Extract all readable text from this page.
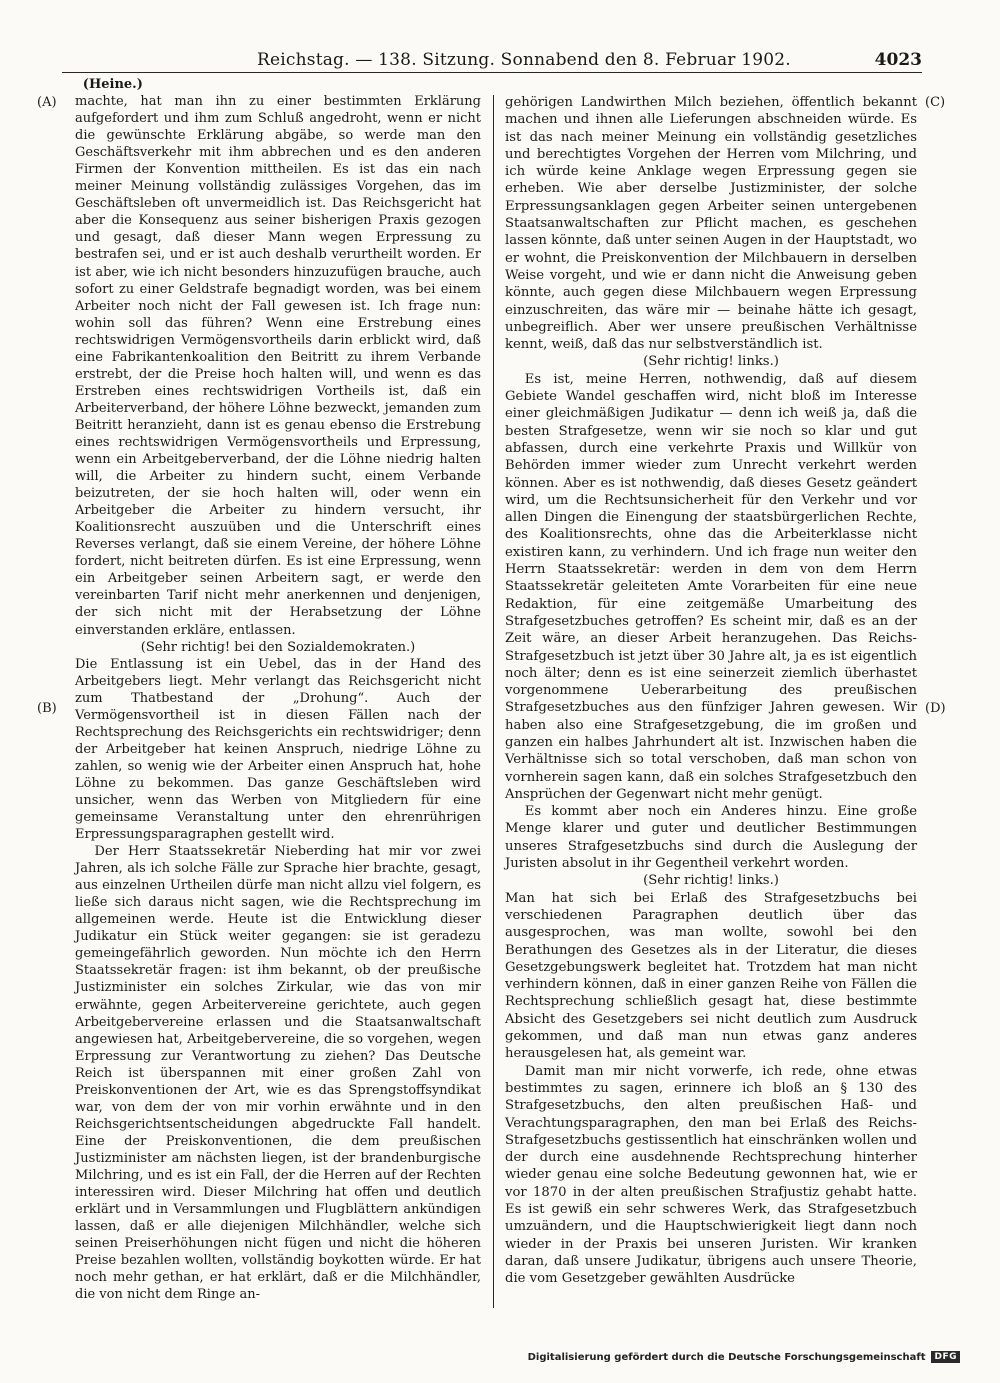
Reichstag. — 138. Sitzung. Sonnabend den 8. Februar 1902.	4023
(A)
(B)
(C)
(D)

(Heine.)

machte, hat man ihn zu einer bestimmten Erklärung aufgefordert und ihm zum Schluß angedroht, wenn er nicht die gewünschte Erklärung abgäbe, so werde man den Geschäftsverkehr mit ihm abbrechen und es den anderen Firmen der Konvention mittheilen. Es ist das ein nach meiner Meinung vollständig zulässiges Vorgehen, das im Geschäftsleben oft unvermeidlich ist. Das Reichsgericht hat aber die Konsequenz aus seiner bisherigen Praxis gezogen und gesagt, daß dieser Mann wegen Erpressung zu bestrafen sei, und er ist auch deshalb verurtheilt worden. Er ist aber, wie ich nicht besonders hinzuzufügen brauche, auch sofort zu einer Geldstrafe begnadigt worden, was bei einem Arbeiter noch nicht der Fall gewesen ist. Ich frage nun: wohin soll das führen? Wenn eine Erstrebung eines rechtswidrigen Vermögensvortheils darin erblickt wird, daß eine Fabrikantenkoalition den Beitritt zu ihrem Verbande erstrebt, der die Preise hoch halten will, und wenn es das Erstreben eines rechtswidrigen Vortheils ist, daß ein Arbeiterverband, der höhere Löhne bezweckt, jemanden zum Beitritt heranzieht, dann ist es genau ebenso die Erstrebung eines rechtswidrigen Vermögensvortheils und Erpressung, wenn ein Arbeitgeberverband, der die Löhne niedrig halten will, die Arbeiter zu hindern sucht, einem Verbande beizutreten, der sie hoch halten will, oder wenn ein Arbeitgeber die Arbeiter zu hindern versucht, ihr Koalitionsrecht auszuüben und die Unterschrift eines Reverses verlangt, daß sie einem Vereine, der höhere Löhne fordert, nicht beitreten dürfen. Es ist eine Erpressung, wenn ein Arbeitgeber seinen Arbeitern sagt, er werde den vereinbarten Tarif nicht mehr anerkennen und denjenigen, der sich nicht mit der Herabsetzung der Löhne einverstanden erkläre, entlassen.

(Sehr richtig! bei den Sozialdemokraten.)

Die Entlassung ist ein Uebel, das in der Hand des Arbeitgebers liegt. Mehr verlangt das Reichsgericht nicht zum Thatbestand der „Drohung“. Auch der Vermögensvortheil ist in diesen Fällen nach der Rechtsprechung des Reichsgerichts ein rechtswidriger; denn der Arbeitgeber hat keinen Anspruch, niedrige Löhne zu zahlen, so wenig wie der Arbeiter einen Anspruch hat, hohe Löhne zu bekommen. Das ganze Geschäftsleben wird unsicher, wenn das Werben von Mitgliedern für eine gemeinsame Veranstaltung unter den ehrenrührigen Erpressungsparagraphen gestellt wird.

Der Herr Staatssekretär Nieberding hat mir vor zwei Jahren, als ich solche Fälle zur Sprache hier brachte, gesagt, aus einzelnen Urtheilen dürfe man nicht allzu viel folgern, es ließe sich daraus nicht sagen, wie die Rechtsprechung im allgemeinen werde. Heute ist die Entwicklung dieser Judikatur ein Stück weiter gegangen: sie ist geradezu gemeingefährlich geworden. Nun möchte ich den Herrn Staatssekretär fragen: ist ihm bekannt, ob der preußische Justizminister ein solches Zirkular, wie das von mir erwähnte, gegen Arbeitervereine gerichtete, auch gegen Arbeitgebervereine erlassen und die Staatsanwaltschaft angewiesen hat, Arbeitgebervereine, die so vorgehen, wegen Erpressung zur Verantwortung zu ziehen? Das Deutsche Reich ist überspannen mit einer großen Zahl von Preiskonventionen der Art, wie es das Sprengstoffsyndikat war, von dem der von mir vorhin erwähnte und in den Reichsgerichtsentscheidungen abgedruckte Fall handelt. Eine der Preiskonventionen, die dem preußischen Justizminister am nächsten liegen, ist der brandenburgische Milchring, und es ist ein Fall, der die Herren auf der Rechten interessiren wird. Dieser Milchring hat offen und deutlich erklärt und in Versammlungen und Flugblättern ankündigen lassen, daß er alle diejenigen Milchhändler, welche sich seinen Preiserhöhungen nicht fügen und nicht die höheren Preise bezahlen wollten, vollständig boykotten würde. Er hat noch mehr gethan, er hat erklärt, daß er die Milchhändler, die von nicht dem Ringe an-

gehörigen Landwirthen Milch beziehen, öffentlich bekannt machen und ihnen alle Lieferungen abschneiden würde. Es ist das nach meiner Meinung ein vollständig gesetzliches und berechtigtes Vorgehen der Herren vom Milchring, und ich würde keine Anklage wegen Erpressung gegen sie erheben. Wie aber derselbe Justizminister, der solche Erpressungsanklagen gegen Arbeiter seinen untergebenen Staatsanwaltschaften zur Pflicht machen, es geschehen lassen könnte, daß unter seinen Augen in der Hauptstadt, wo er wohnt, die Preiskonvention der Milchbauern in derselben Weise vorgeht, und wie er dann nicht die Anweisung geben könnte, auch gegen diese Milchbauern wegen Erpressung einzuschreiten, das wäre mir — beinahe hätte ich gesagt, unbegreiflich. Aber wer unsere preußischen Verhältnisse kennt, weiß, daß das nur selbstverständlich ist.

(Sehr richtig! links.)

Es ist, meine Herren, nothwendig, daß auf diesem Gebiete Wandel geschaffen wird, nicht bloß im Interesse einer gleichmäßigen Judikatur — denn ich weiß ja, daß die besten Strafgesetze, wenn wir sie noch so klar und gut abfassen, durch eine verkehrte Praxis und Willkür von Behörden immer wieder zum Unrecht verkehrt werden können. Aber es ist nothwendig, daß dieses Gesetz geändert wird, um die Rechtsunsicherheit für den Verkehr und vor allen Dingen die Einengung der staatsbürgerlichen Rechte, des Koalitionsrechts, ohne das die Arbeiterklasse nicht existiren kann, zu verhindern. Und ich frage nun weiter den Herrn Staatssekretär: werden in dem von dem Herrn Staatssekretär geleiteten Amte Vorarbeiten für eine neue Redaktion, für eine zeitgemäße Umarbeitung des Strafgesetzbuches getroffen? Es scheint mir, daß es an der Zeit wäre, an dieser Arbeit heranzugehen. Das Reichs-Strafgesetzbuch ist jetzt über 30 Jahre alt, ja es ist eigentlich noch älter; denn es ist eine seinerzeit ziemlich überhastet vorgenommene Ueberarbeitung des preußischen Strafgesetzbuches aus den fünfziger Jahren gewesen. Wir haben also eine Strafgesetzgebung, die im großen und ganzen ein halbes Jahrhundert alt ist. Inzwischen haben die Verhältnisse sich so total verschoben, daß man schon von vornherein sagen kann, daß ein solches Strafgesetzbuch den Ansprüchen der Gegenwart nicht mehr genügt.

Es kommt aber noch ein Anderes hinzu. Eine große Menge klarer und guter und deutlicher Bestimmungen unseres Strafgesetzbuchs sind durch die Auslegung der Juristen absolut in ihr Gegentheil verkehrt worden.

(Sehr richtig! links.)

Man hat sich bei Erlaß des Strafgesetzbuchs bei verschiedenen Paragraphen deutlich über das ausgesprochen, was man wollte, sowohl bei den Berathungen des Gesetzes als in der Literatur, die dieses Gesetzgebungswerk begleitet hat. Trotzdem hat man nicht verhindern können, daß in einer ganzen Reihe von Fällen die Rechtsprechung schließlich gesagt hat, diese bestimmte Absicht des Gesetzgebers sei nicht deutlich zum Ausdruck gekommen, und daß man nun etwas ganz anderes herausgelesen hat, als gemeint war.

Damit man mir nicht vorwerfe, ich rede, ohne etwas bestimmtes zu sagen, erinnere ich bloß an § 130 des Strafgesetzbuchs, den alten preußischen Haß- und Verachtungsparagraphen, den man bei Erlaß des Reichs-Strafgesetzbuchs gestissentlich hat einschränken wollen und der durch eine ausdehnende Rechtsprechung hinterher wieder genau eine solche Bedeutung gewonnen hat, wie er vor 1870 in der alten preußischen Strafjustiz gehabt hatte. Es ist gewiß ein sehr schweres Werk, das Strafgesetzbuch umzuändern, und die Hauptschwierigkeit liegt dann noch wieder in der Praxis bei unseren Juristen. Wir kranken daran, daß unsere Judikatur, übrigens auch unsere Theorie, die vom Gesetzgeber gewählten Ausdrücke

Digitalisierung gefördert durch die Deutsche Forschungsgemeinschaft	DFG
